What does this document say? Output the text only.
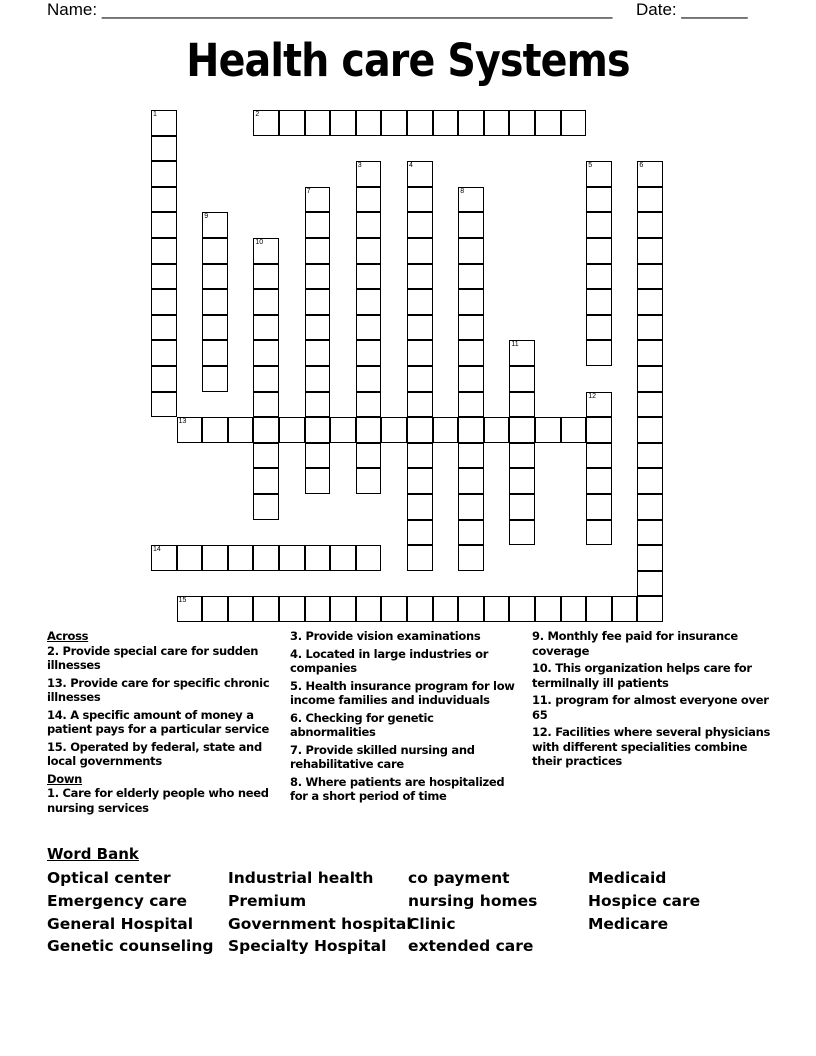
Name: ______________________________________________________ Date: _______
Health care Systems
2
13
14
15
1
3	4	5	6
7	8
9
10
11
12
Across
2. Provide special care for sudden illnesses
13. Provide care for specific chronic illnesses
14. A specific amount of money a patient pays for a particular service
15. Operated by federal, state and local governments
Down
1. Care for elderly people who need nursing services
3. Provide vision examinations
4. Located in large industries or companies
5. Health insurance program for low income families and induviduals
6. Checking for genetic abnormalities
7. Provide skilled nursing and rehabilitative care
8. Where patients are hospitalized for a short period of time
9. Monthly fee paid for insurance coverage
10. This organization helps care for termilnally ill patients
11. program for almost everyone over 65
12. Facilities where several physicians with different specialities combine their practices
Word Bank
Optical center
Emergency care
General Hospital
Genetic counseling
Industrial health
Premium
Government hospital
Specialty Hospital
co payment
nursing homes
Clinic
extended care
Medicaid
Hospice care
Medicare
